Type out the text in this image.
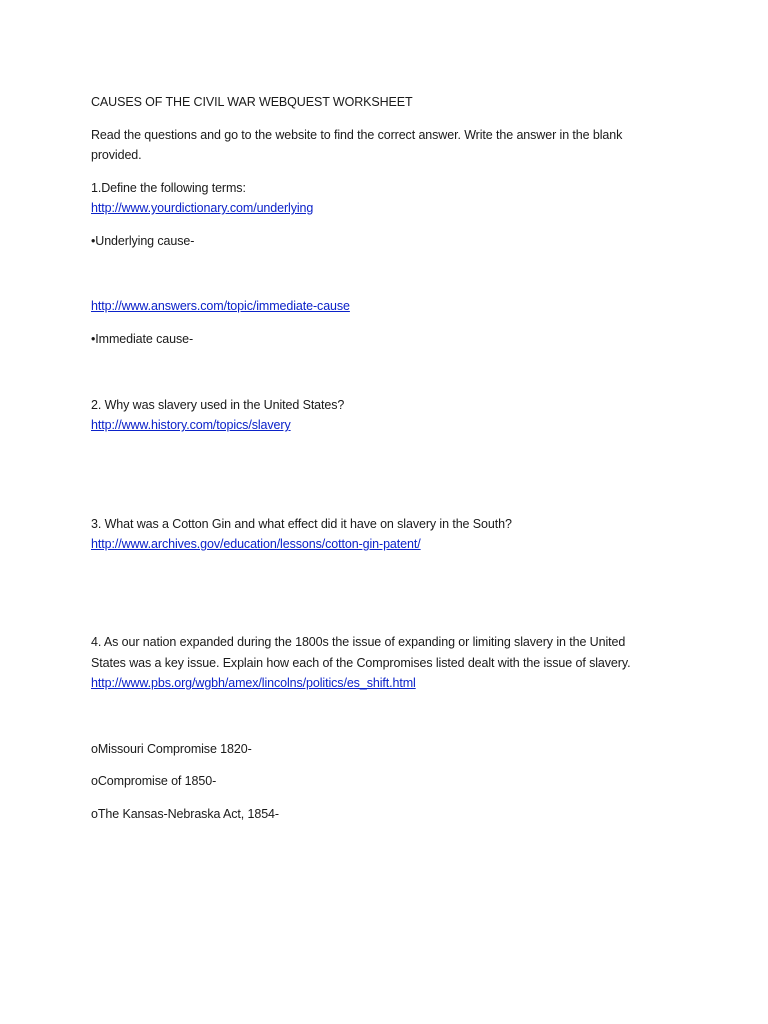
CAUSES OF THE CIVIL WAR WEBQUEST WORKSHEET
Read the questions and go to the website to find the correct answer. Write the answer in the blank
provided.
1.Define the following terms:
http://www.yourdictionary.com/underlying
•Underlying cause-
http://www.answers.com/topic/immediate-cause
•Immediate cause-
2. Why was slavery used in the United States?
http://www.history.com/topics/slavery
3. What was a Cotton Gin and what effect did it have on slavery in the South?
http://www.archives.gov/education/lessons/cotton-gin-patent/
4. As our nation expanded during the 1800s the issue of expanding or limiting slavery in the United
States was a key issue. Explain how each of the Compromises listed dealt with the issue of slavery.
http://www.pbs.org/wgbh/amex/lincolns/politics/es_shift.html
oMissouri Compromise 1820-
oCompromise of 1850-
oThe Kansas-Nebraska Act, 1854-
